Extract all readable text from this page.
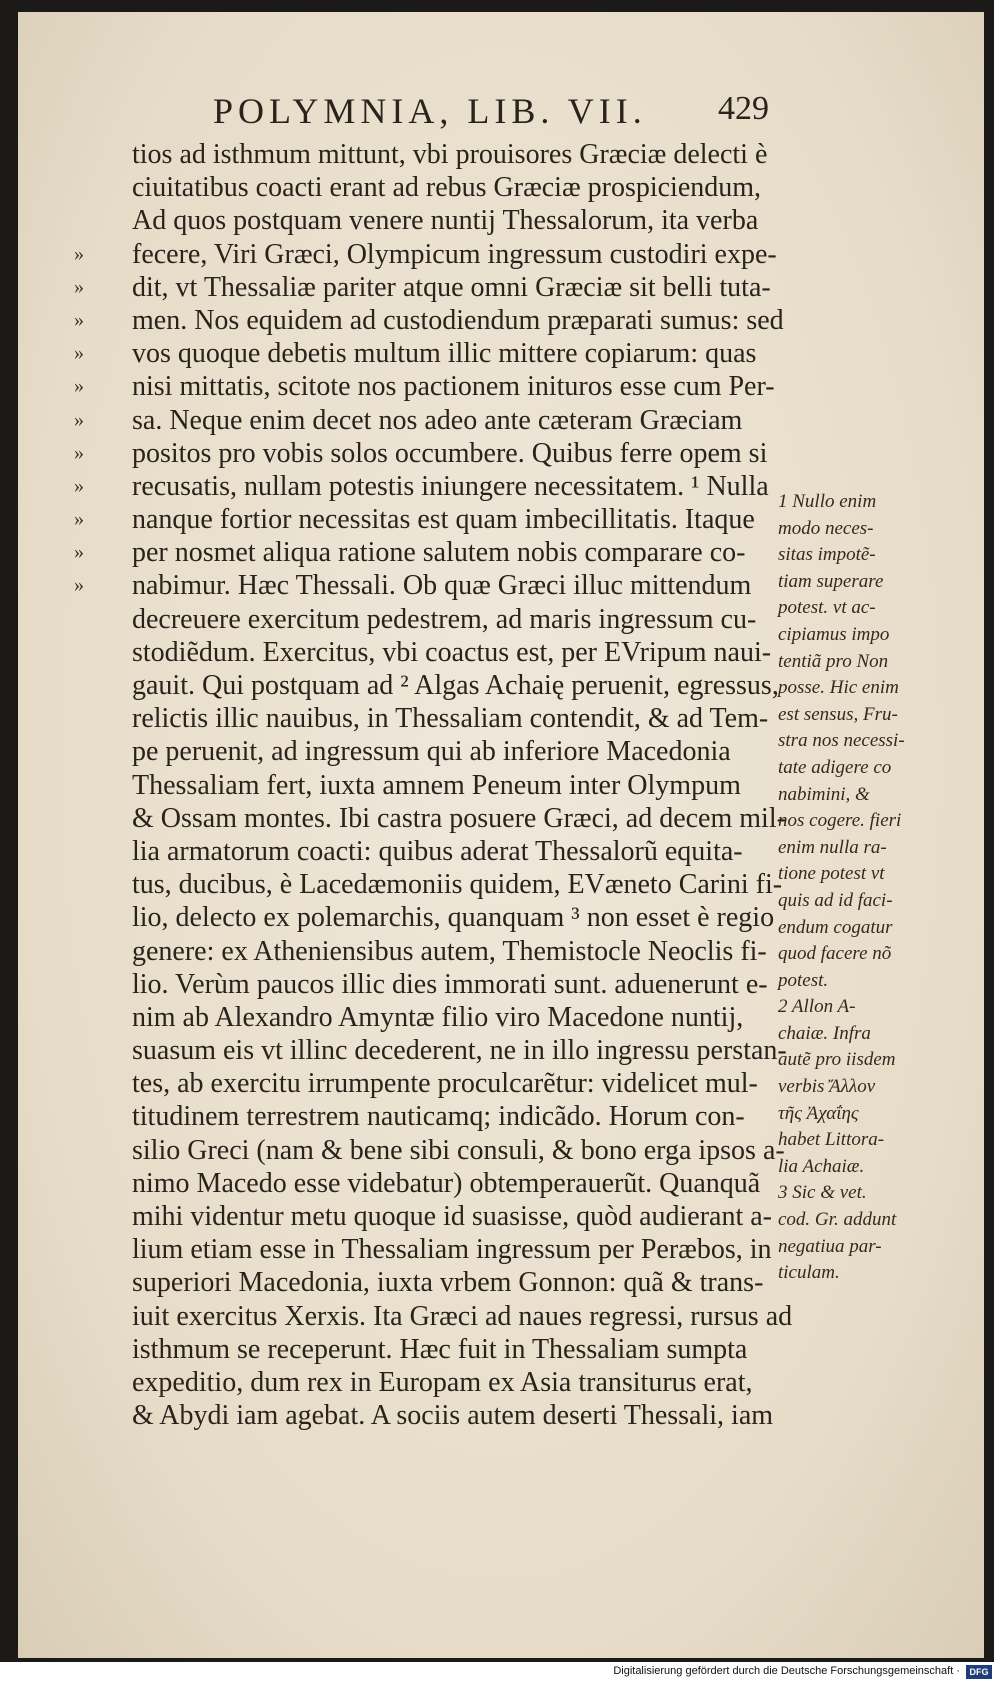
POLYMNIA, LIB. VII. 429
tios ad isthmum mittunt, vbi prouisores Græciæ delecti è
ciuitatibus coacti erant ad rebus Græciæ prospiciendum,
Ad quos postquam venere nuntij Thessalorum, ita verba
»	fecere, Viri Græci, Olympicum ingressum custodiri expe-
»	dit, vt Thessaliæ pariter atque omni Græciæ sit belli tuta-
»	men. Nos equidem ad custodiendum præparati sumus: sed
»	vos quoque debetis multum illic mittere copiarum: quas
»	nisi mittatis, scitote nos pactionem inituros esse cum Per-
»	sa. Neque enim decet nos adeo ante cæteram Græciam
»	positos pro vobis solos occumbere. Quibus ferre opem si
»	recusatis, nullam potestis iniungere necessitatem. ¹ Nulla
»	nanque fortior necessitas est quam imbecillitatis. Itaque
»	per nosmet aliqua ratione salutem nobis comparare co-
»	nabimur. Hæc Thessali. Ob quæ Græci illuc mittendum
decreuere exercitum pedestrem, ad maris ingressum cu-
stodiẽdum. Exercitus, vbi coactus est, per EVripum naui-
gauit. Qui postquam ad ² Algas Achaię peruenit, egressus,
relictis illic nauibus, in Thessaliam contendit, & ad Tem-
pe peruenit, ad ingressum qui ab inferiore Macedonia
Thessaliam fert, iuxta amnem Peneum inter Olympum
& Ossam montes. Ibi castra posuere Græci, ad decem mil-
lia armatorum coacti: quibus aderat Thessalorũ equita-
tus, ducibus, è Lacedæmoniis quidem, EVæneto Carini fi-
lio, delecto ex polemarchis, quanquam ³ non esset è regio
genere: ex Atheniensibus autem, Themistocle Neoclis fi-
lio. Verùm paucos illic dies immorati sunt. aduenerunt e-
nim ab Alexandro Amyntæ filio viro Macedone nuntij,
suasum eis vt illinc decederent, ne in illo ingressu perstan-
tes, ab exercitu irrumpente proculcarẽtur: videlicet mul-
titudinem terrestrem nauticamq; indicãdo. Horum con-
silio Greci (nam & bene sibi consuli, & bono erga ipsos a-
nimo Macedo esse videbatur) obtemperauerũt. Quanquã
mihi videntur metu quoque id suasisse, quòd audierant a-
lium etiam esse in Thessaliam ingressum per Peræbos, in
superiori Macedonia, iuxta vrbem Gonnon: quã & trans-
iuit exercitus Xerxis. Ita Græci ad naues regressi, rursus ad
isthmum se receperunt. Hæc fuit in Thessaliam sumpta
expeditio, dum rex in Europam ex Asia transiturus erat,
& Abydi iam agebat. A sociis autem deserti Thessali, iam
1 Nullo enim
modo neces-
sitas impotẽ-
tiam superare
potest. vt ac-
cipiamus impo
tentiã pro Non
posse. Hic enim
est sensus, Fru-
stra nos necessi-
tate adigere co
nabimini, &
nos cogere. fieri
enim nulla ra-
tione potest vt
quis ad id faci-
endum cogatur
quod facere nõ
potest.
2 Allon A-
chaiæ. Infra
autẽ pro iisdem
verbis Ἄλλον
τῆς Ἀχαΐης
habet Littora-
lia Achaiæ.
3 Sic & vet.
cod. Gr. addunt
negatiua par-
ticulam.
Digitalisierung gefördert durch die Deutsche Forschungsgemeinschaft ·	DFG
